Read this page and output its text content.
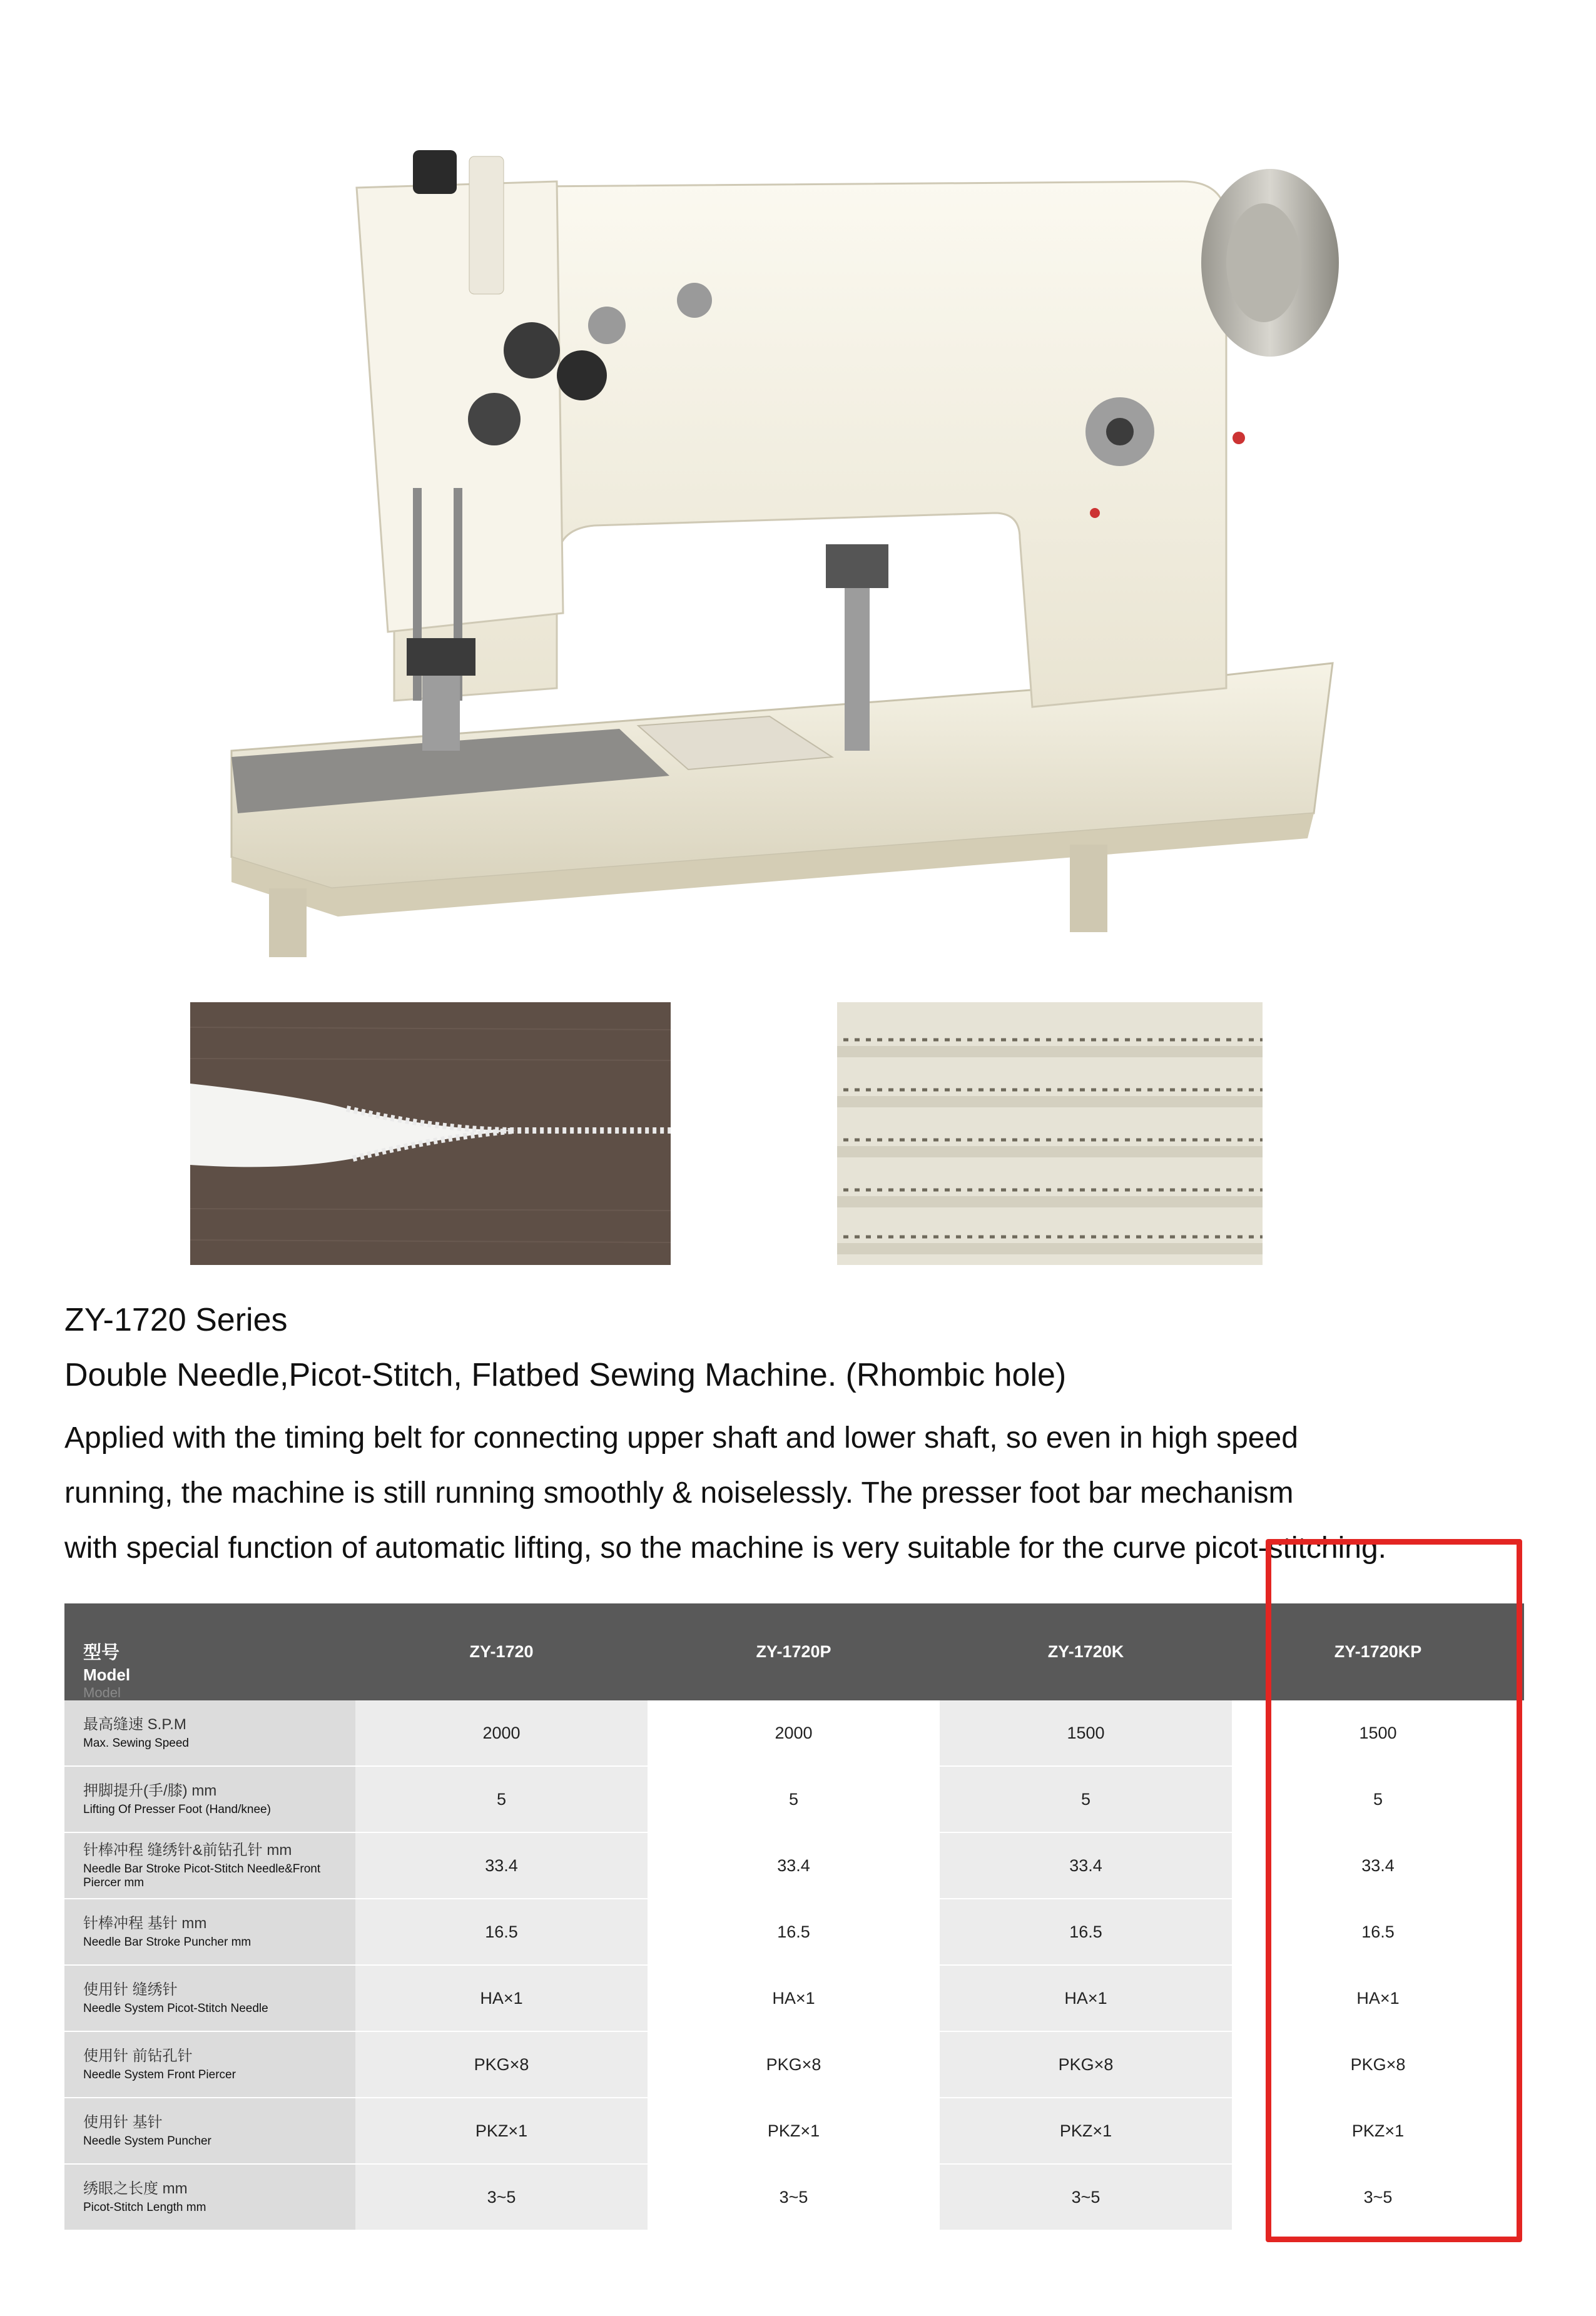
ZY-1720 Series
Double Needle,Picot-Stitch, Flatbed Sewing Machine. (Rhombic hole)

Applied with the timing belt for connecting upper shaft and lower shaft, so even in high speed
running, the machine is still running smoothly & noiselessly. The presser foot bar mechanism
with special function of automatic lifting, so the machine is very suitable for the curve picot-stitching.

型号
Model
Model	ZY-1720	ZY-1720P	ZY-1720K	ZY-1720KP

最高缝速 S.P.M
Max. Sewing Speed	2000	2000	1500	1500

押脚提升(手/膝) mm
Lifting Of Presser Foot (Hand/knee)	5	5	5	5

针棒冲程 缝绣针&前钻孔针 mm
Needle Bar Stroke Picot-Stitch Needle&Front Piercer mm	33.4	33.4	33.4	33.4

针棒冲程 基针 mm
Needle Bar Stroke Puncher mm	16.5	16.5	16.5	16.5

使用针 缝绣针
Needle System Picot-Stitch Needle	HA×1	HA×1	HA×1	HA×1

使用针 前钻孔针
Needle System Front Piercer	PKG×8	PKG×8	PKG×8	PKG×8

使用针 基针
Needle System Puncher	PKZ×1	PKZ×1	PKZ×1	PKZ×1

绣眼之长度 mm
Picot-Stitch Length mm	3~5	3~5	3~5	3~5
